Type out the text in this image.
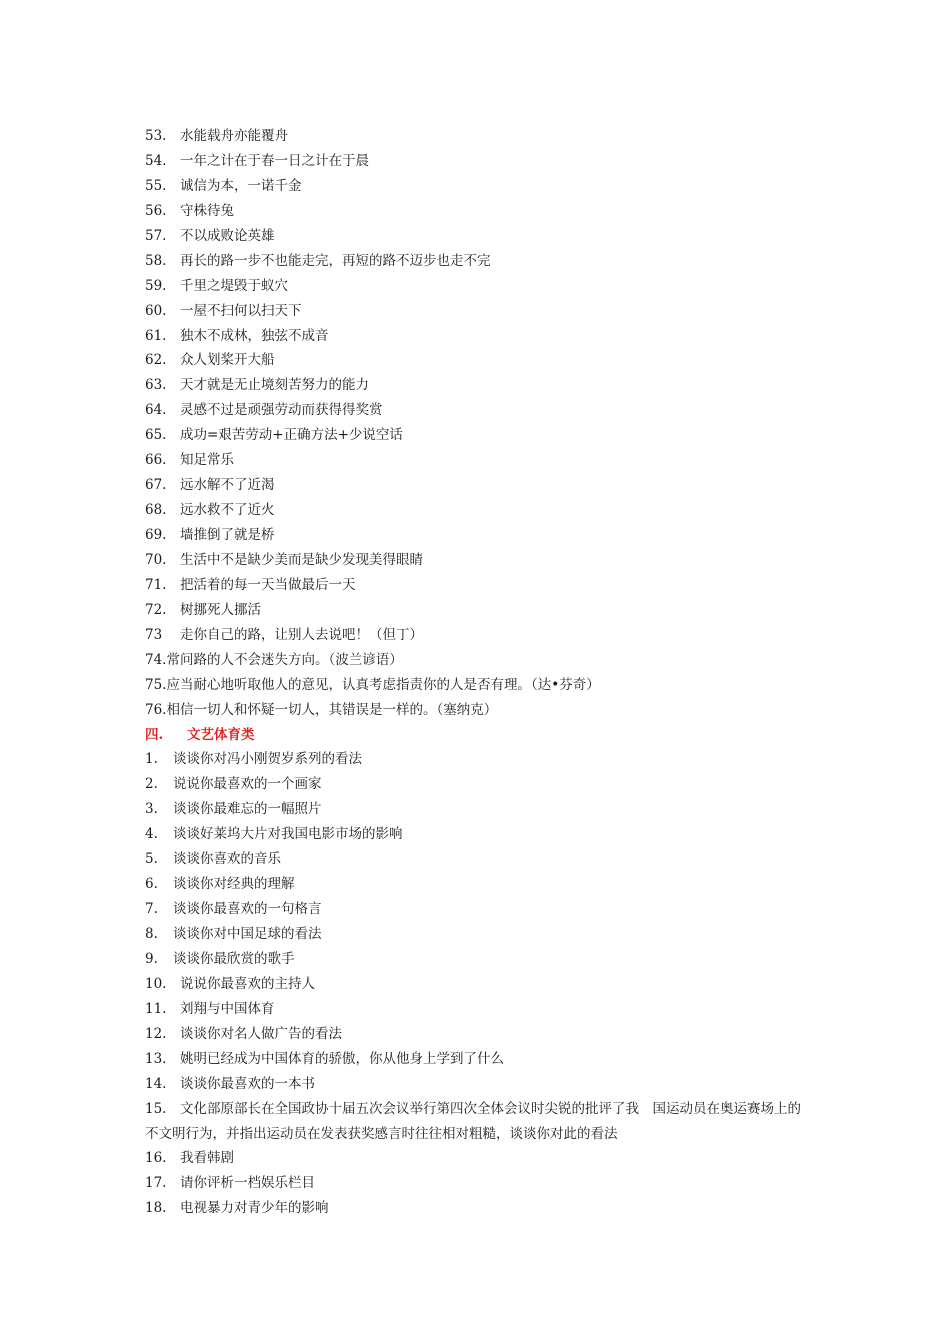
53. 水能载舟亦能覆舟
54. 一年之计在于春一日之计在于晨
55. 诚信为本，一诺千金
56. 守株待兔
57. 不以成败论英雄
58. 再长的路一步不也能走完，再短的路不迈步也走不完
59. 千里之堤毁于蚁穴
60. 一屋不扫何以扫天下
61. 独木不成林，独弦不成音
62. 众人划桨开大船
63. 天才就是无止境刻苦努力的能力
64. 灵感不过是顽强劳动而获得得奖赏
65. 成功=艰苦劳动+正确方法+少说空话
66. 知足常乐
67. 远水解不了近渴
68. 远水救不了近火
69. 墙推倒了就是桥
70. 生活中不是缺少美而是缺少发现美得眼睛
71. 把活着的每一天当做最后一天
72. 树挪死人挪活
73 走你自己的路，让别人去说吧！（但丁）
74.常问路的人不会迷失方向。（波兰谚语）
75.应当耐心地听取他人的意见，认真考虑指责你的人是否有理。（达•芬奇）
76.相信一切人和怀疑一切人，其错误是一样的。（塞纳克）
四. 文艺体育类
1. 谈谈你对冯小刚贺岁系列的看法
2. 说说你最喜欢的一个画家
3. 谈谈你最难忘的一幅照片
4. 谈谈好莱坞大片对我国电影市场的影响
5. 谈谈你喜欢的音乐
6. 谈谈你对经典的理解
7. 谈谈你最喜欢的一句格言
8. 谈谈你对中国足球的看法
9. 谈谈你最欣赏的歌手
10. 说说你最喜欢的主持人
11. 刘翔与中国体育
12. 谈谈你对名人做广告的看法
13. 姚明已经成为中国体育的骄傲，你从他身上学到了什么
14. 谈谈你最喜欢的一本书
15. 文化部原部长在全国政协十届五次会议举行第四次全体会议时尖锐的批评了我　国运动员在奥运赛场上的不文明行为，并指出运动员在发表获奖感言时往往相对粗糙，谈谈你对此的看法
16. 我看韩剧
17. 请你评析一档娱乐栏目
18. 电视暴力对青少年的影响
